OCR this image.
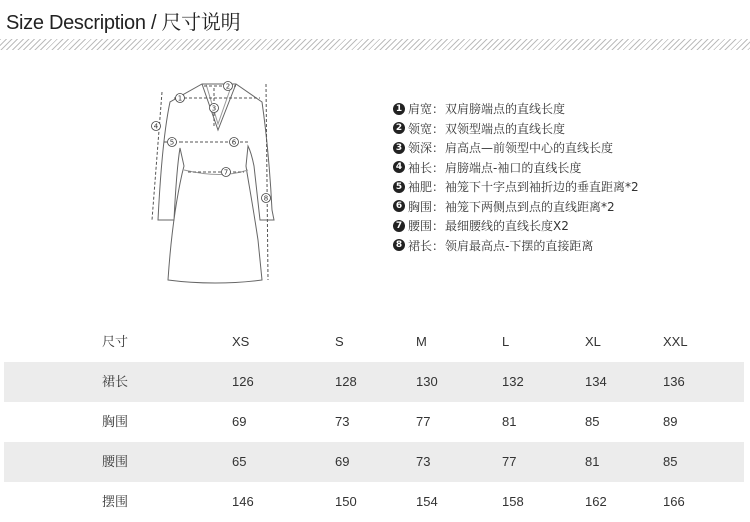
Size Description / 尺寸说明
1
2
3
4
5	6
7
8
1 肩宽 ： 双肩膀端点的直线长度
2 领宽 ： 双领型端点的直线长度
3 领深 ： 肩高点—前领型中心的直线长度
4 袖长 ： 肩膀端点-袖口的直线长度
5 袖肥 ： 袖笼下十字点到袖折边的垂直距离*2
6 胸围 ： 袖笼下两侧点到点的直线距离*2
7 腰围 ： 最细腰线的直线长度X2
8 裙长 ： 领肩最高点-下摆的直接距离
尺寸	XS	S	M	L	XL	XXL
裙长	126	128	130	132	134	136
胸围	69	73	77	81	85	89
腰围	65	69	73	77	81	85
摆围	146	150	154	158	162	166
